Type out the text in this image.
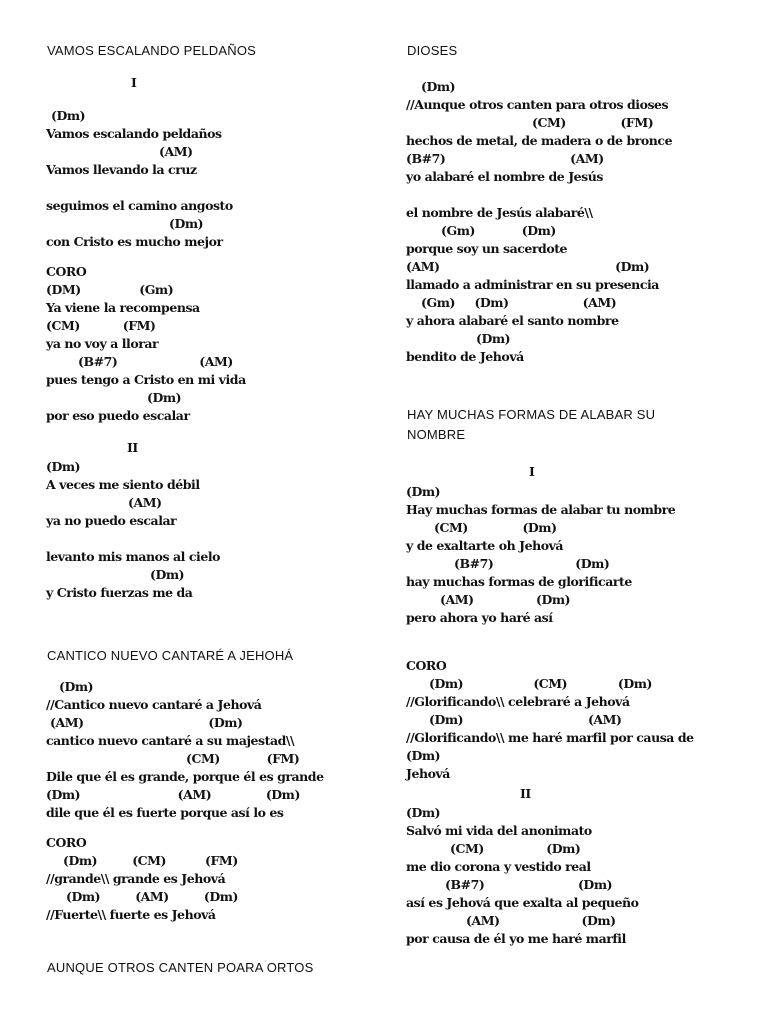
VAMOS ESCALANDO PELDAÑOS
I
(Dm)
Vamos escalando peldaños
(AM)
Vamos llevando la cruz
seguimos el camino angosto
(Dm)
con Cristo es mucho mejor
CORO
(DM)               (Gm)
Ya viene la recompensa
(CM)           (FM)
ya no voy a llorar
(B#7)                     (AM)
pues tengo a Cristo en mi vida
(Dm)
por eso puedo escalar
II
(Dm)
A veces me siento débil
(AM)
ya no puedo escalar
levanto mis manos al cielo
(Dm)
y Cristo fuerzas me da
CANTICO NUEVO CANTARÉ A JEHOHÁ
(Dm)
//Cantico nuevo cantaré a Jehová
(AM)                                (Dm)
cantico nuevo cantaré a su majestad\\
(CM)            (FM)
Dile que él es grande, porque él es grande
(Dm)                         (AM)              (Dm)
dile que él es fuerte porque así lo es
CORO
(Dm)         (CM)          (FM)
//grande\\ grande es Jehová
(Dm)         (AM)         (Dm)
//Fuerte\\ fuerte es Jehová
AUNQUE OTROS CANTEN POARA ORTOS
DIOSES
(Dm)
//Aunque otros canten para otros dioses
(CM)              (FM)
hechos de metal, de madera o de bronce
(B#7)                                (AM)
yo alabaré el nombre de Jesús
el nombre de Jesús alabaré\\
(Gm)            (Dm)
porque soy un sacerdote
(AM)                                             (Dm)
llamado a administrar en su presencia
(Gm)     (Dm)                   (AM)
y ahora alabaré el santo nombre
(Dm)
bendito de Jehová
HAY MUCHAS FORMAS DE ALABAR SU
NOMBRE
I
(Dm)
Hay muchas formas de alabar tu nombre
(CM)              (Dm)
y de exaltarte oh Jehová
(B#7)                     (Dm)
hay muchas formas de glorificarte
(AM)                (Dm)
pero ahora yo haré así
CORO
(Dm)                  (CM)             (Dm)
//Glorificando\\ celebraré a Jehová
(Dm)                                (AM)
//Glorificando\\ me haré marfil por causa de
(Dm)
Jehová
II
(Dm)
Salvó mi vida del anonimato
(CM)                (Dm)
me dio corona y vestido real
(B#7)                        (Dm)
así es Jehová que exalta al pequeño
(AM)                     (Dm)
por causa de él yo me haré marfil
